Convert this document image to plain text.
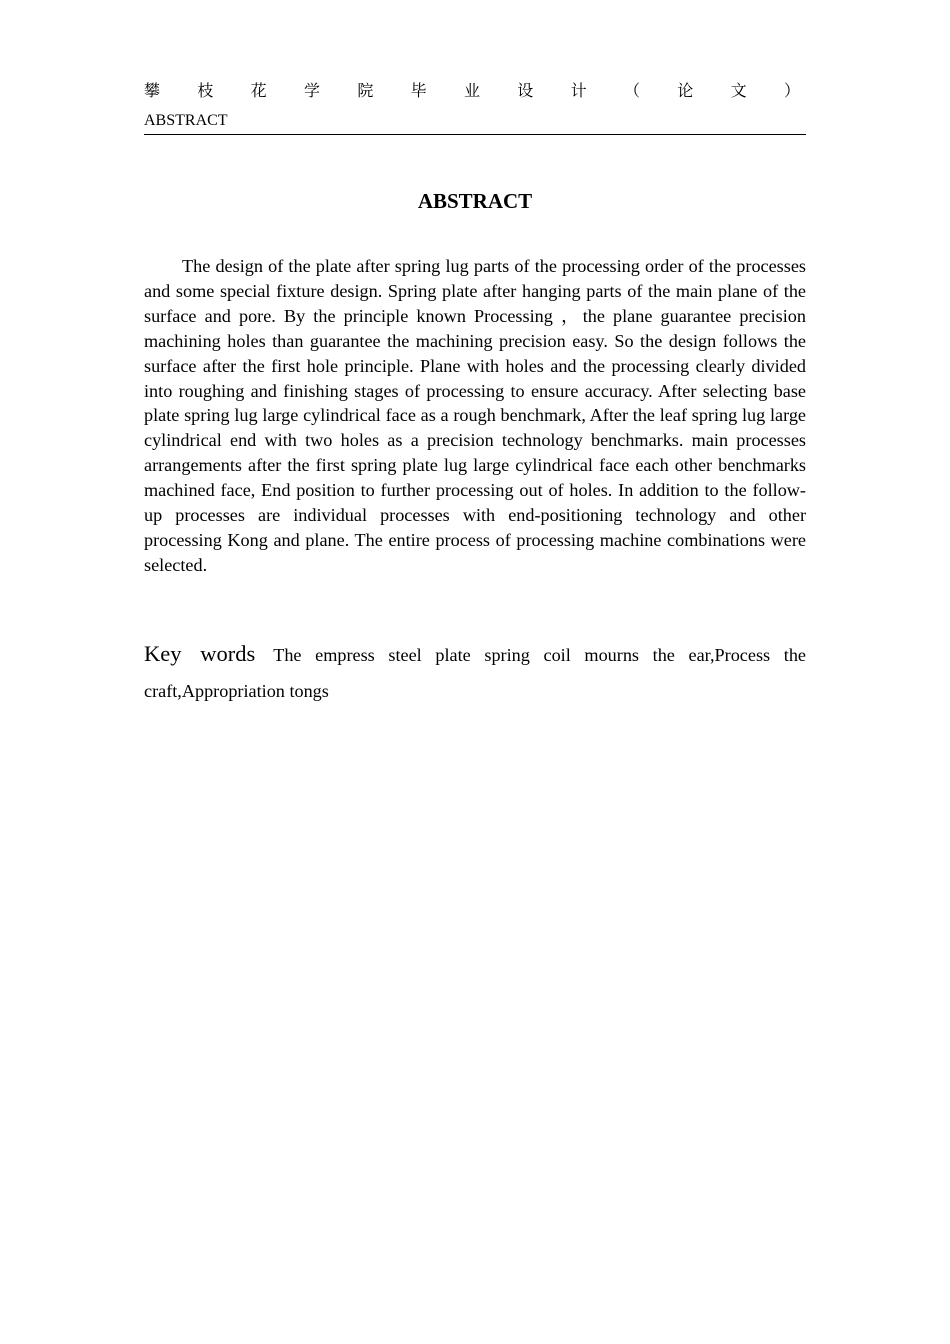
攀 枝 花 学 院 毕 业 设 计 （ 论 文 ）
ABSTRACT
ABSTRACT

The design of the plate after spring lug parts of the processing order of the processes and some special fixture design. Spring plate after hanging parts of the main plane of the surface and pore. By the principle known Processing ，the plane guarantee precision machining holes than guarantee the machining precision easy. So the design follows the surface after the first hole principle. Plane with holes and the processing clearly divided into roughing and finishing stages of processing to ensure accuracy. After selecting base plate spring lug large cylindrical face as a rough benchmark, After the leaf spring lug large cylindrical end with two holes as a precision technology benchmarks. main processes arrangements after the first spring plate lug large cylindrical face each other benchmarks machined face, End position to further processing out of holes. In addition to the follow-up processes are individual processes with end-positioning technology and other processing Kong and plane. The entire process of processing machine combinations were selected.

Key words The empress steel plate spring coil mourns the ear,Process the craft,Appropriation tongs
